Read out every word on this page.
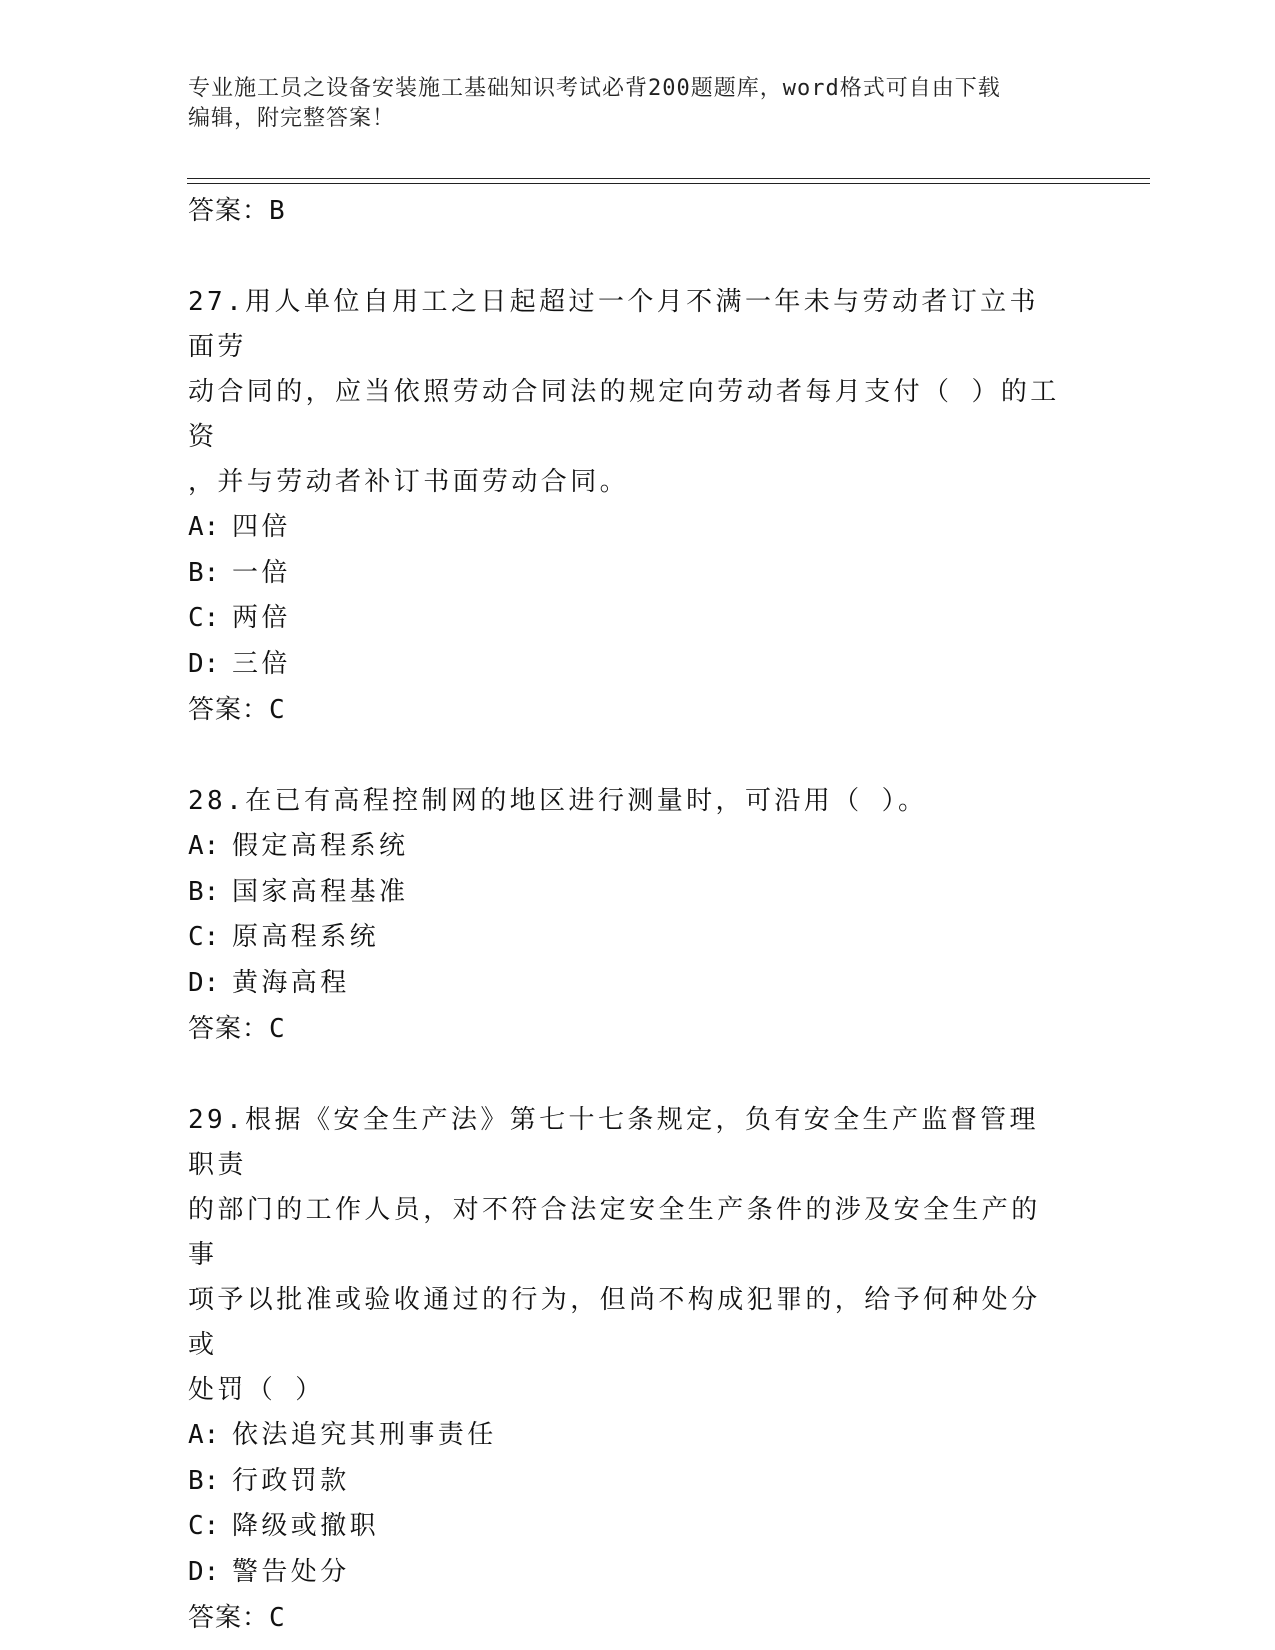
专业施工员之设备安装施工基础知识考试必背200题题库，word格式可自由下载
编辑，附完整答案！

答案：B

27.用人单位自用工之日起超过一个月不满一年未与劳动者订立书面劳

动合同的，应当依照劳动合同法的规定向劳动者每月支付（ ）的工资

，并与劳动者补订书面劳动合同。

A: 四倍

B: 一倍

C: 两倍

D: 三倍

答案：C

28.在已有高程控制网的地区进行测量时，可沿用（ ）。

A: 假定高程系统

B: 国家高程基准

C: 原高程系统

D: 黄海高程

答案：C

29.根据《安全生产法》第七十七条规定，负有安全生产监督管理职责

的部门的工作人员，对不符合法定安全生产条件的涉及安全生产的事

项予以批准或验收通过的行为，但尚不构成犯罪的，给予何种处分或

处罚（ ）

A: 依法追究其刑事责任

B: 行政罚款

C: 降级或撤职

D: 警告处分

答案：C
